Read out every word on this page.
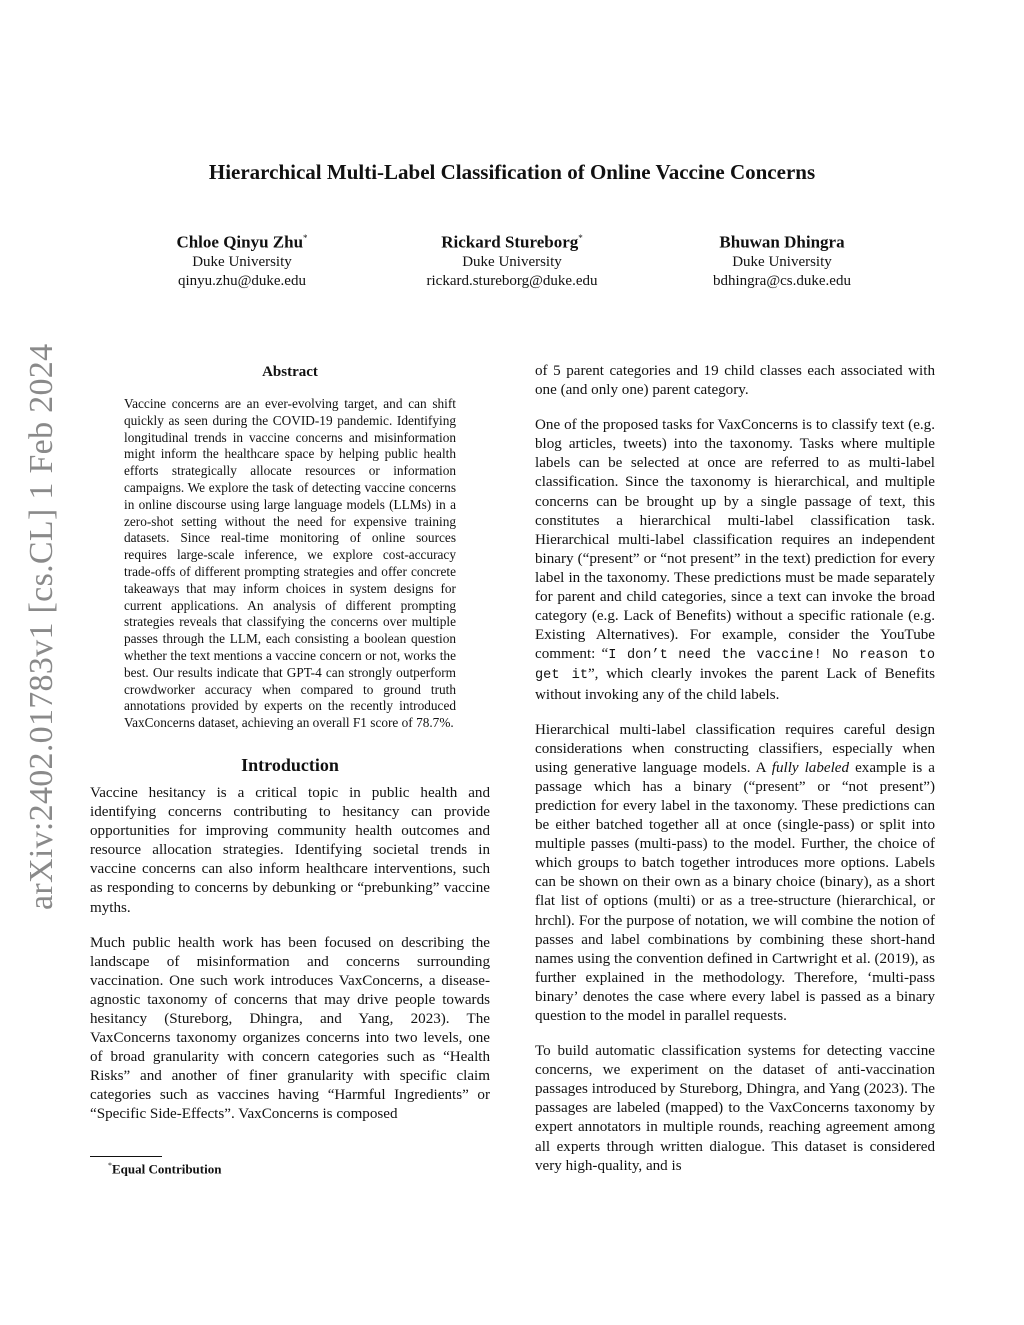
arXiv:2402.01783v1 [cs.CL] 1 Feb 2024
Hierarchical Multi-Label Classification of Online Vaccine Concerns
Chloe Qinyu Zhu*
Duke University
qinyu.zhu@duke.edu
Rickard Stureborg*
Duke University
rickard.stureborg@duke.edu
Bhuwan Dhingra
Duke University
bdhingra@cs.duke.edu
Abstract
Vaccine concerns are an ever-evolving target, and can shift quickly as seen during the COVID-19 pandemic. Identifying longitudinal trends in vaccine concerns and misinformation might inform the healthcare space by helping public health efforts strategically allocate resources or information campaigns. We explore the task of detecting vaccine concerns in online discourse using large language models (LLMs) in a zero-shot setting without the need for expensive training datasets. Since real-time monitoring of online sources requires large-scale inference, we explore cost-accuracy trade-offs of different prompting strategies and offer concrete takeaways that may inform choices in system designs for current applications. An analysis of different prompting strategies reveals that classifying the concerns over multiple passes through the LLM, each consisting a boolean question whether the text mentions a vaccine concern or not, works the best. Our results indicate that GPT-4 can strongly outperform crowdworker accuracy when compared to ground truth annotations provided by experts on the recently introduced VaxConcerns dataset, achieving an overall F1 score of 78.7%.
Introduction

Vaccine hesitancy is a critical topic in public health and identifying concerns contributing to hesitancy can provide opportunities for improving community health outcomes and resource allocation strategies. Identifying societal trends in vaccine concerns can also inform healthcare interventions, such as responding to concerns by debunking or “prebunking” vaccine myths.

Much public health work has been focused on describing the landscape of misinformation and concerns surrounding vaccination. One such work introduces VaxConcerns, a disease-agnostic taxonomy of concerns that may drive people towards hesitancy (Stureborg, Dhingra, and Yang, 2023). The VaxConcerns taxonomy organizes concerns into two levels, one of broad granularity with concern categories such as “Health Risks” and another of finer granularity with specific claim categories such as vaccines having “Harmful Ingredients” or “Specific Side-Effects”. VaxConcerns is composed

of 5 parent categories and 19 child classes each associated with one (and only one) parent category.

One of the proposed tasks for VaxConcerns is to classify text (e.g. blog articles, tweets) into the taxonomy. Tasks where multiple labels can be selected at once are referred to as multi-label classification. Since the taxonomy is hierarchical, and multiple concerns can be brought up by a single passage of text, this constitutes a hierarchical multi-label classification task. Hierarchical multi-label classification requires an independent binary (“present” or “not present” in the text) prediction for every label in the taxonomy. These predictions must be made separately for parent and child categories, since a text can invoke the broad category (e.g. Lack of Benefits) without a specific rationale (e.g. Existing Alternatives). For example, consider the YouTube comment: “I don’t need the vaccine! No reason to get it”, which clearly invokes the parent Lack of Benefits without invoking any of the child labels.

Hierarchical multi-label classification requires careful design considerations when constructing classifiers, especially when using generative language models. A fully labeled example is a passage which has a binary (“present” or “not present”) prediction for every label in the taxonomy. These predictions can be either batched together all at once (single-pass) or split into multiple passes (multi-pass) to the model. Further, the choice of which groups to batch together introduces more options. Labels can be shown on their own as a binary choice (binary), as a short flat list of options (multi) or as a tree-structure (hierarchical, or hrchl). For the purpose of notation, we will combine the notion of passes and label combinations by combining these short-hand names using the convention defined in Cartwright et al. (2019), as further explained in the methodology. Therefore, ‘multi-pass binary’ denotes the case where every label is passed as a binary question to the model in parallel requests.

To build automatic classification systems for detecting vaccine concerns, we experiment on the dataset of anti-vaccination passages introduced by Stureborg, Dhingra, and Yang (2023). The passages are labeled (mapped) to the VaxConcerns taxonomy by expert annotators in multiple rounds, reaching agreement among all experts through written dialogue. This dataset is considered very high-quality, and is

*Equal Contribution
